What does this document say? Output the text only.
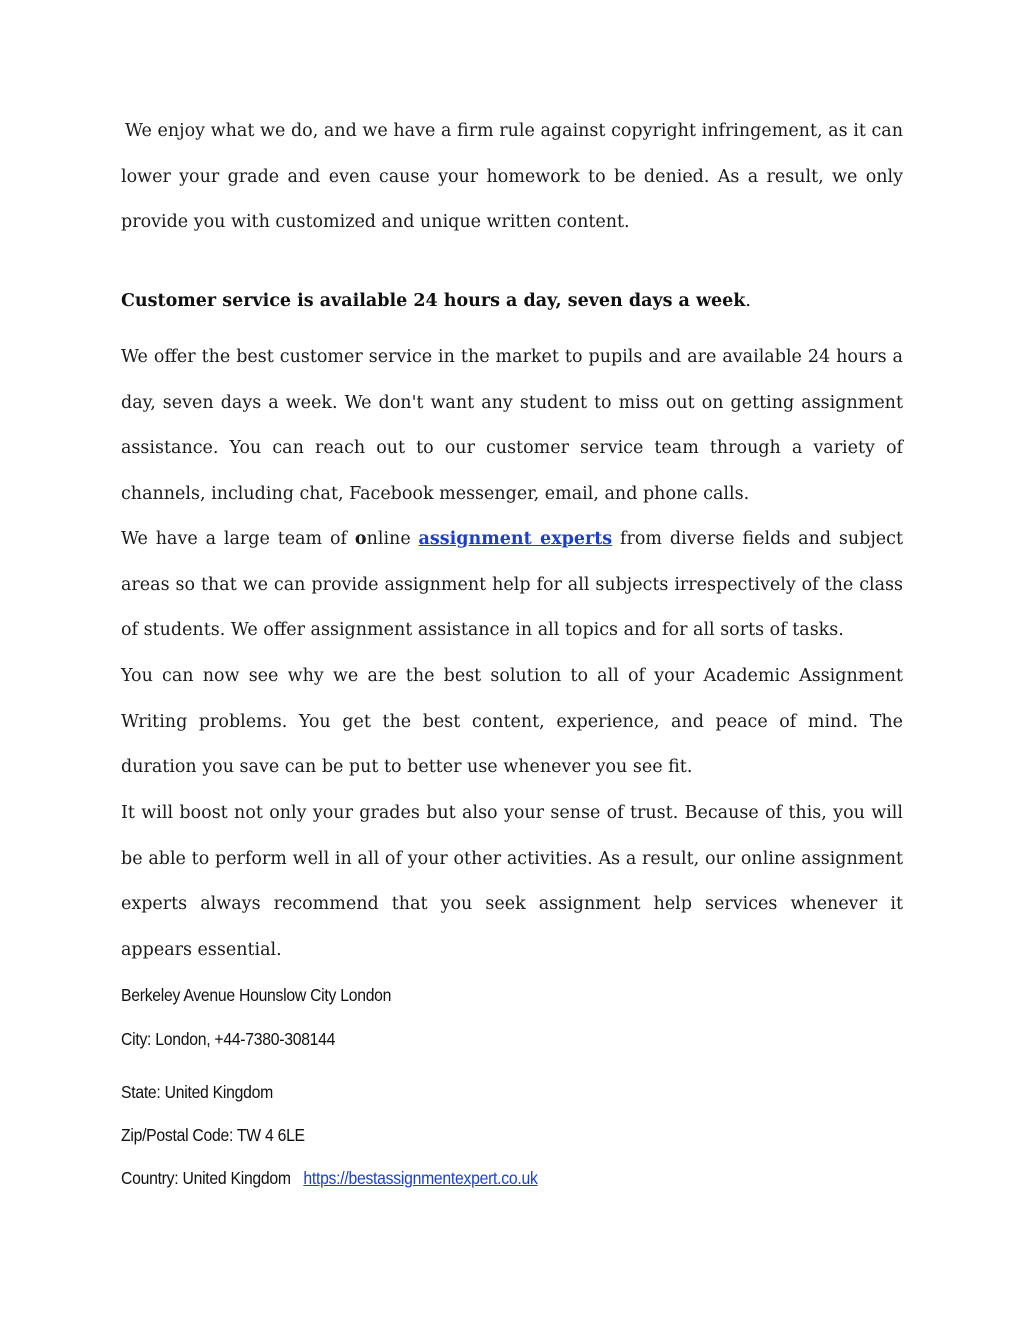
We enjoy what we do, and we have a firm rule against copyright infringement, as it can lower your grade and even cause your homework to be denied. As a result, we only provide you with customized and unique written content.

Customer service is available 24 hours a day, seven days a week.

We offer the best customer service in the market to pupils and are available 24 hours a day, seven days a week. We don't want any student to miss out on getting assignment assistance. You can reach out to our customer service team through a variety of channels, including chat, Facebook messenger, email, and phone calls.

We have a large team of online assignment experts from diverse fields and subject areas so that we can provide assignment help for all subjects irrespectively of the class of students. We offer assignment assistance in all topics and for all sorts of tasks.

You can now see why we are the best solution to all of your Academic Assignment Writing problems. You get the best content, experience, and peace of mind. The duration you save can be put to better use whenever you see fit.

It will boost not only your grades but also your sense of trust. Because of this, you will be able to perform well in all of your other activities. As a result, our online assignment experts always recommend that you seek assignment help services whenever it appears essential.

Berkeley Avenue Hounslow City London

City: London, +44-7380-308144

State: United Kingdom

Zip/Postal Code: TW 4 6LE

Country: United Kingdom https://bestassignmentexpert.co.uk
